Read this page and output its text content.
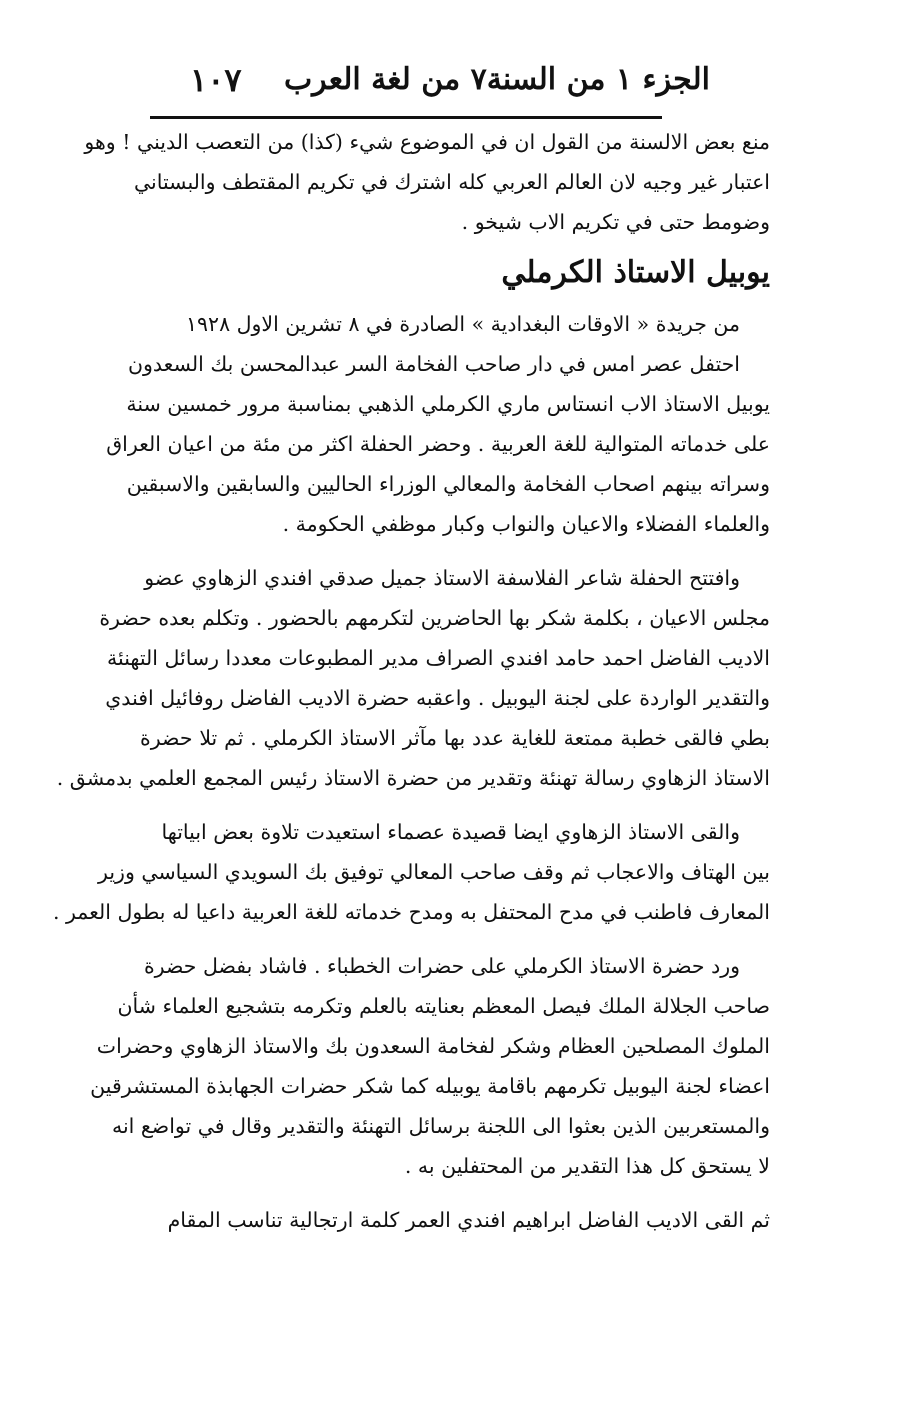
الجزء ١ من السنة٧ من لغة العرب
١٠٧
منع بعض الالسنة من القول ان في الموضوع شيء (كذا) من التعصب الديني ! وهو
اعتبار غير وجيه لان العالم العربي كله اشترك في تكريم المقتطف والبستاني
وضومط حتى في تكريم الاب شيخو .
يوبيل الاستاذ الكرملي
من جريدة « الاوقات البغدادية » الصادرة في ٨ تشرين الاول ١٩٢٨
احتفل عصر امس في دار صاحب الفخامة السر عبدالمحسن بك السعدون
يوبيل الاستاذ الاب انستاس ماري الكرملي الذهبي بمناسبة مرور خمسين سنة
على خدماته المتوالية للغة العربية . وحضر الحفلة اكثر من مئة من اعيان العراق
وسراته بينهم اصحاب الفخامة والمعالي الوزراء الحاليين والسابقين والاسبقين
والعلماء الفضلاء والاعيان والنواب وكبار موظفي الحكومة .
وافتتح الحفلة شاعر الفلاسفة الاستاذ جميل صدقي افندي الزهاوي عضو
مجلس الاعيان ، بكلمة شكر بها الحاضرين لتكرمهم بالحضور . وتكلم بعده حضرة
الاديب الفاضل احمد حامد افندي الصراف مدير المطبوعات معددا رسائل التهنئة
والتقدير الواردة على لجنة اليوبيل . واعقبه حضرة الاديب الفاضل روفائيل افندي
بطي فالقى خطبة ممتعة للغاية عدد بها مآثر الاستاذ الكرملي . ثم تلا حضرة
الاستاذ الزهاوي رسالة تهنئة وتقدير من حضرة الاستاذ رئيس المجمع العلمي بدمشق .
والقى الاستاذ الزهاوي ايضا قصيدة عصماء استعيدت تلاوة بعض ابياتها
بين الهتاف والاعجاب ثم وقف صاحب المعالي توفيق بك السويدي السياسي وزير
المعارف فاطنب في مدح المحتفل به ومدح خدماته للغة العربية داعيا له بطول العمر .
ورد حضرة الاستاذ الكرملي على حضرات الخطباء . فاشاد بفضل حضرة
صاحب الجلالة الملك فيصل المعظم بعنايته بالعلم وتكرمه بتشجيع العلماء شأن
الملوك المصلحين العظام وشكر لفخامة السعدون بك والاستاذ الزهاوي وحضرات
اعضاء لجنة اليوبيل تكرمهم باقامة يوبيله كما شكر حضرات الجهابذة المستشرقين
والمستعربين الذين بعثوا الى اللجنة برسائل التهنئة والتقدير وقال في تواضع انه
لا يستحق كل هذا التقدير من المحتفلين به .
ثم القى الاديب الفاضل ابراهيم افندي العمر كلمة ارتجالية تناسب المقام
